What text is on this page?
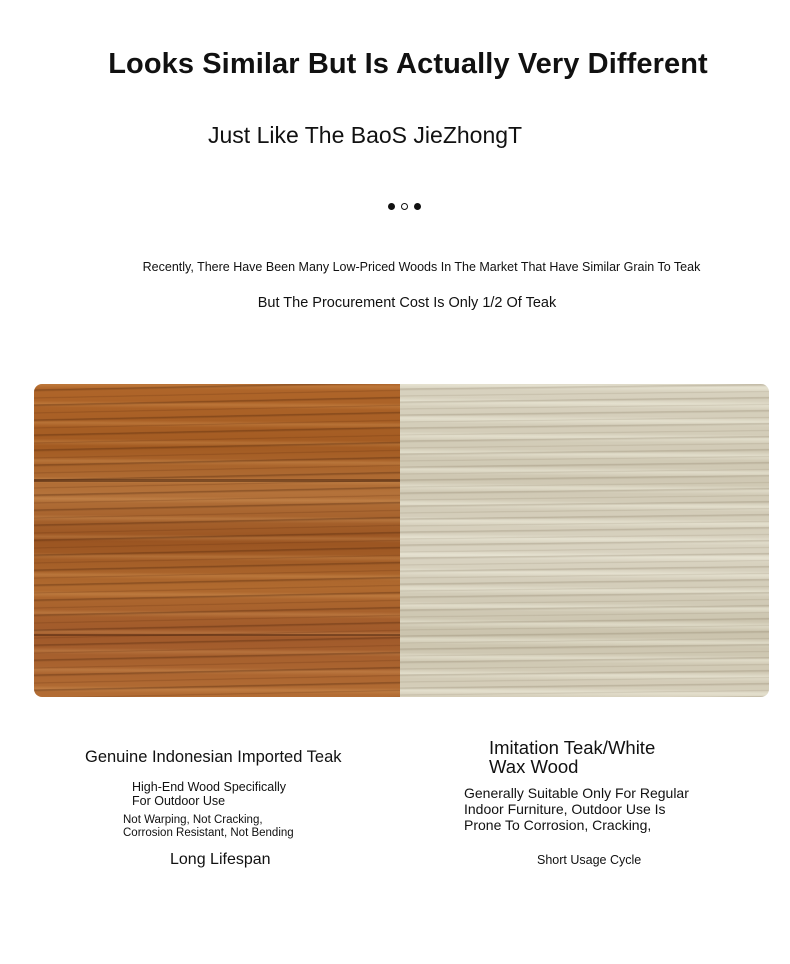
Looks Similar But Is Actually Very Different
Just Like The BaoS JieZhongT
Recently, There Have Been Many Low-Priced Woods In The Market That Have Similar Grain To Teak
But The Procurement Cost Is Only 1/2 Of Teak
Genuine Indonesian Imported Teak
High-End Wood Specifically
For Outdoor Use
Not Warping, Not Cracking,
Corrosion Resistant, Not Bending
Long Lifespan
Imitation Teak/White
Wax Wood
Generally Suitable Only For Regular
Indoor Furniture, Outdoor Use Is
Prone To Corrosion, Cracking,
Short Usage Cycle
